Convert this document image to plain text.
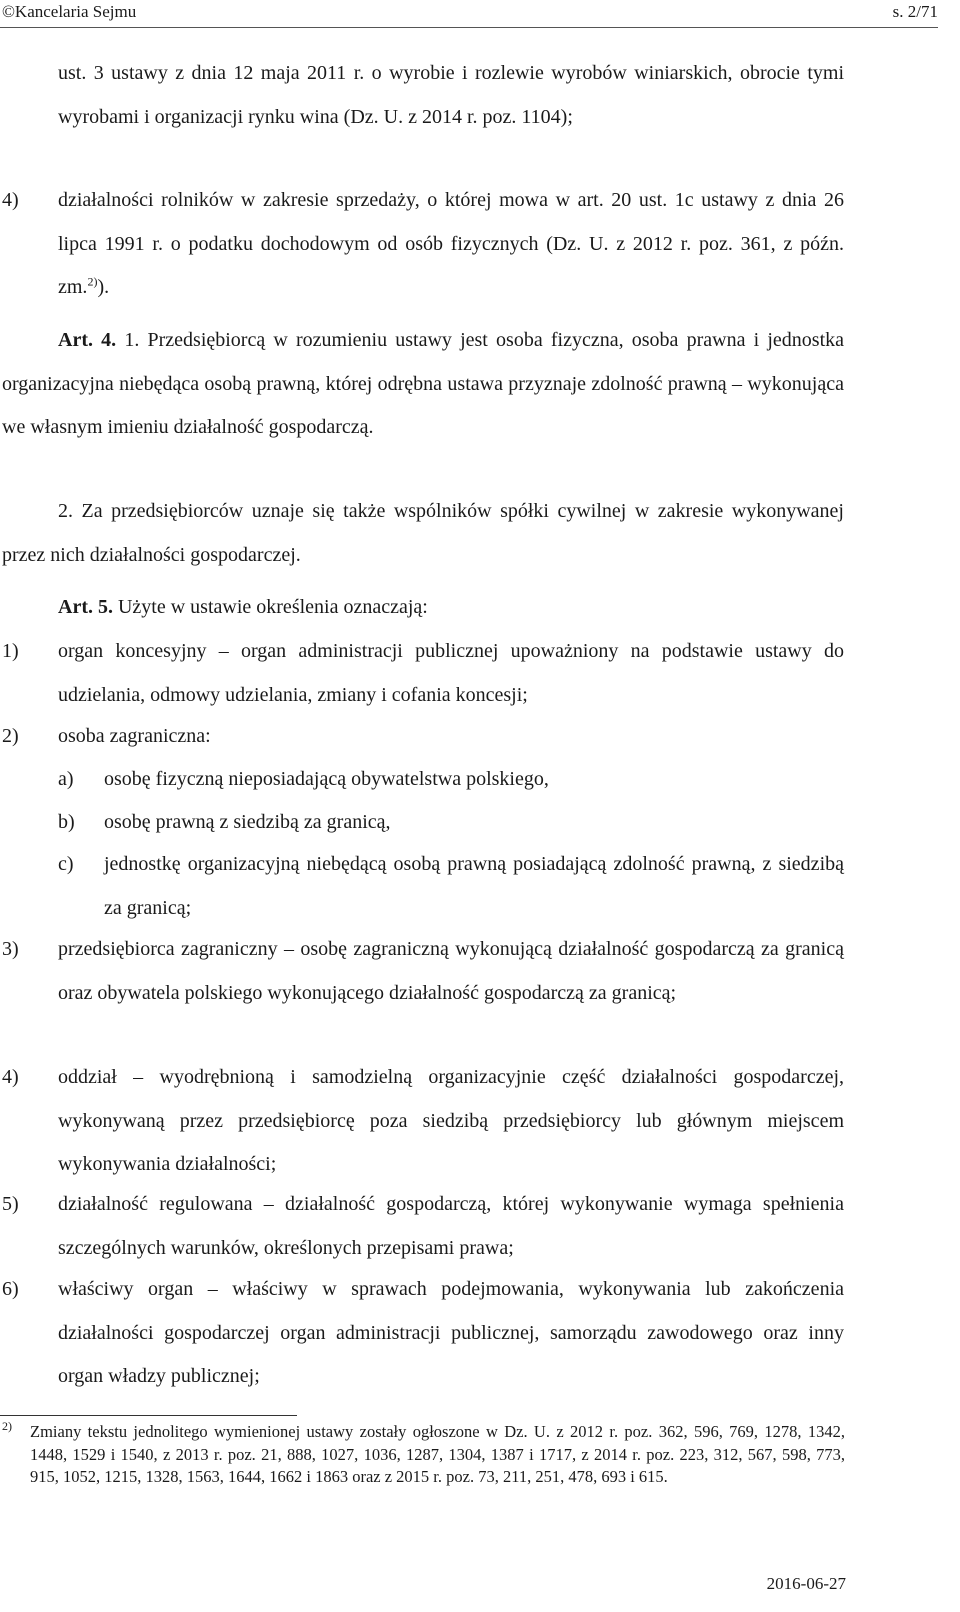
©Kancelaria Sejmu	s. 2/71

ust. 3 ustawy z dnia 12 maja 2011 r. o wyrobie i rozlewie wyrobów winiarskich, obrocie tymi wyrobami i organizacji rynku wina (Dz. U. z 2014 r. poz. 1104);

4) działalności rolników w zakresie sprzedaży, o której mowa w art. 20 ust. 1c ustawy z dnia 26 lipca 1991 r. o podatku dochodowym od osób fizycznych (Dz. U. z 2012 r. poz. 361, z późn. zm.$^{2)}$).

Art. 4. 1. Przedsiębiorcą w rozumieniu ustawy jest osoba fizyczna, osoba prawna i jednostka organizacyjna niebędąca osobą prawną, której odrębna ustawa przyznaje zdolność prawną – wykonująca we własnym imieniu działalność gospodarczą.

2. Za przedsiębiorców uznaje się także wspólników spółki cywilnej w zakresie wykonywanej przez nich działalności gospodarczej.

Art. 5. Użyte w ustawie określenia oznaczają:

1) organ koncesyjny – organ administracji publicznej upoważniony na podstawie ustawy do udzielania, odmowy udzielania, zmiany i cofania koncesji;

2) osoba zagraniczna:

a) osobę fizyczną nieposiadającą obywatelstwa polskiego,

b) osobę prawną z siedzibą za granicą,

c) jednostkę organizacyjną niebędącą osobą prawną posiadającą zdolność prawną, z siedzibą za granicą;

3) przedsiębiorca zagraniczny – osobę zagraniczną wykonującą działalność gospodarczą za granicą oraz obywatela polskiego wykonującego działalność gospodarczą za granicą;

4) oddział – wyodrębnioną i samodzielną organizacyjnie część działalności gospodarczej, wykonywaną przez przedsiębiorcę poza siedzibą przedsiębiorcy lub głównym miejscem wykonywania działalności;

5) działalność regulowana – działalność gospodarczą, której wykonywanie wymaga spełnienia szczególnych warunków, określonych przepisami prawa;

6) właściwy organ – właściwy w sprawach podejmowania, wykonywania lub zakończenia działalności gospodarczej organ administracji publicznej, samorządu zawodowego oraz inny organ władzy publicznej;

2) Zmiany tekstu jednolitego wymienionej ustawy zostały ogłoszone w Dz. U. z 2012 r. poz. 362, 596, 769, 1278, 1342, 1448, 1529 i 1540, z 2013 r. poz. 21, 888, 1027, 1036, 1287, 1304, 1387 i 1717, z 2014 r. poz. 223, 312, 567, 598, 773, 915, 1052, 1215, 1328, 1563, 1644, 1662 i 1863 oraz z 2015 r. poz. 73, 211, 251, 478, 693 i 615.

2016-06-27
